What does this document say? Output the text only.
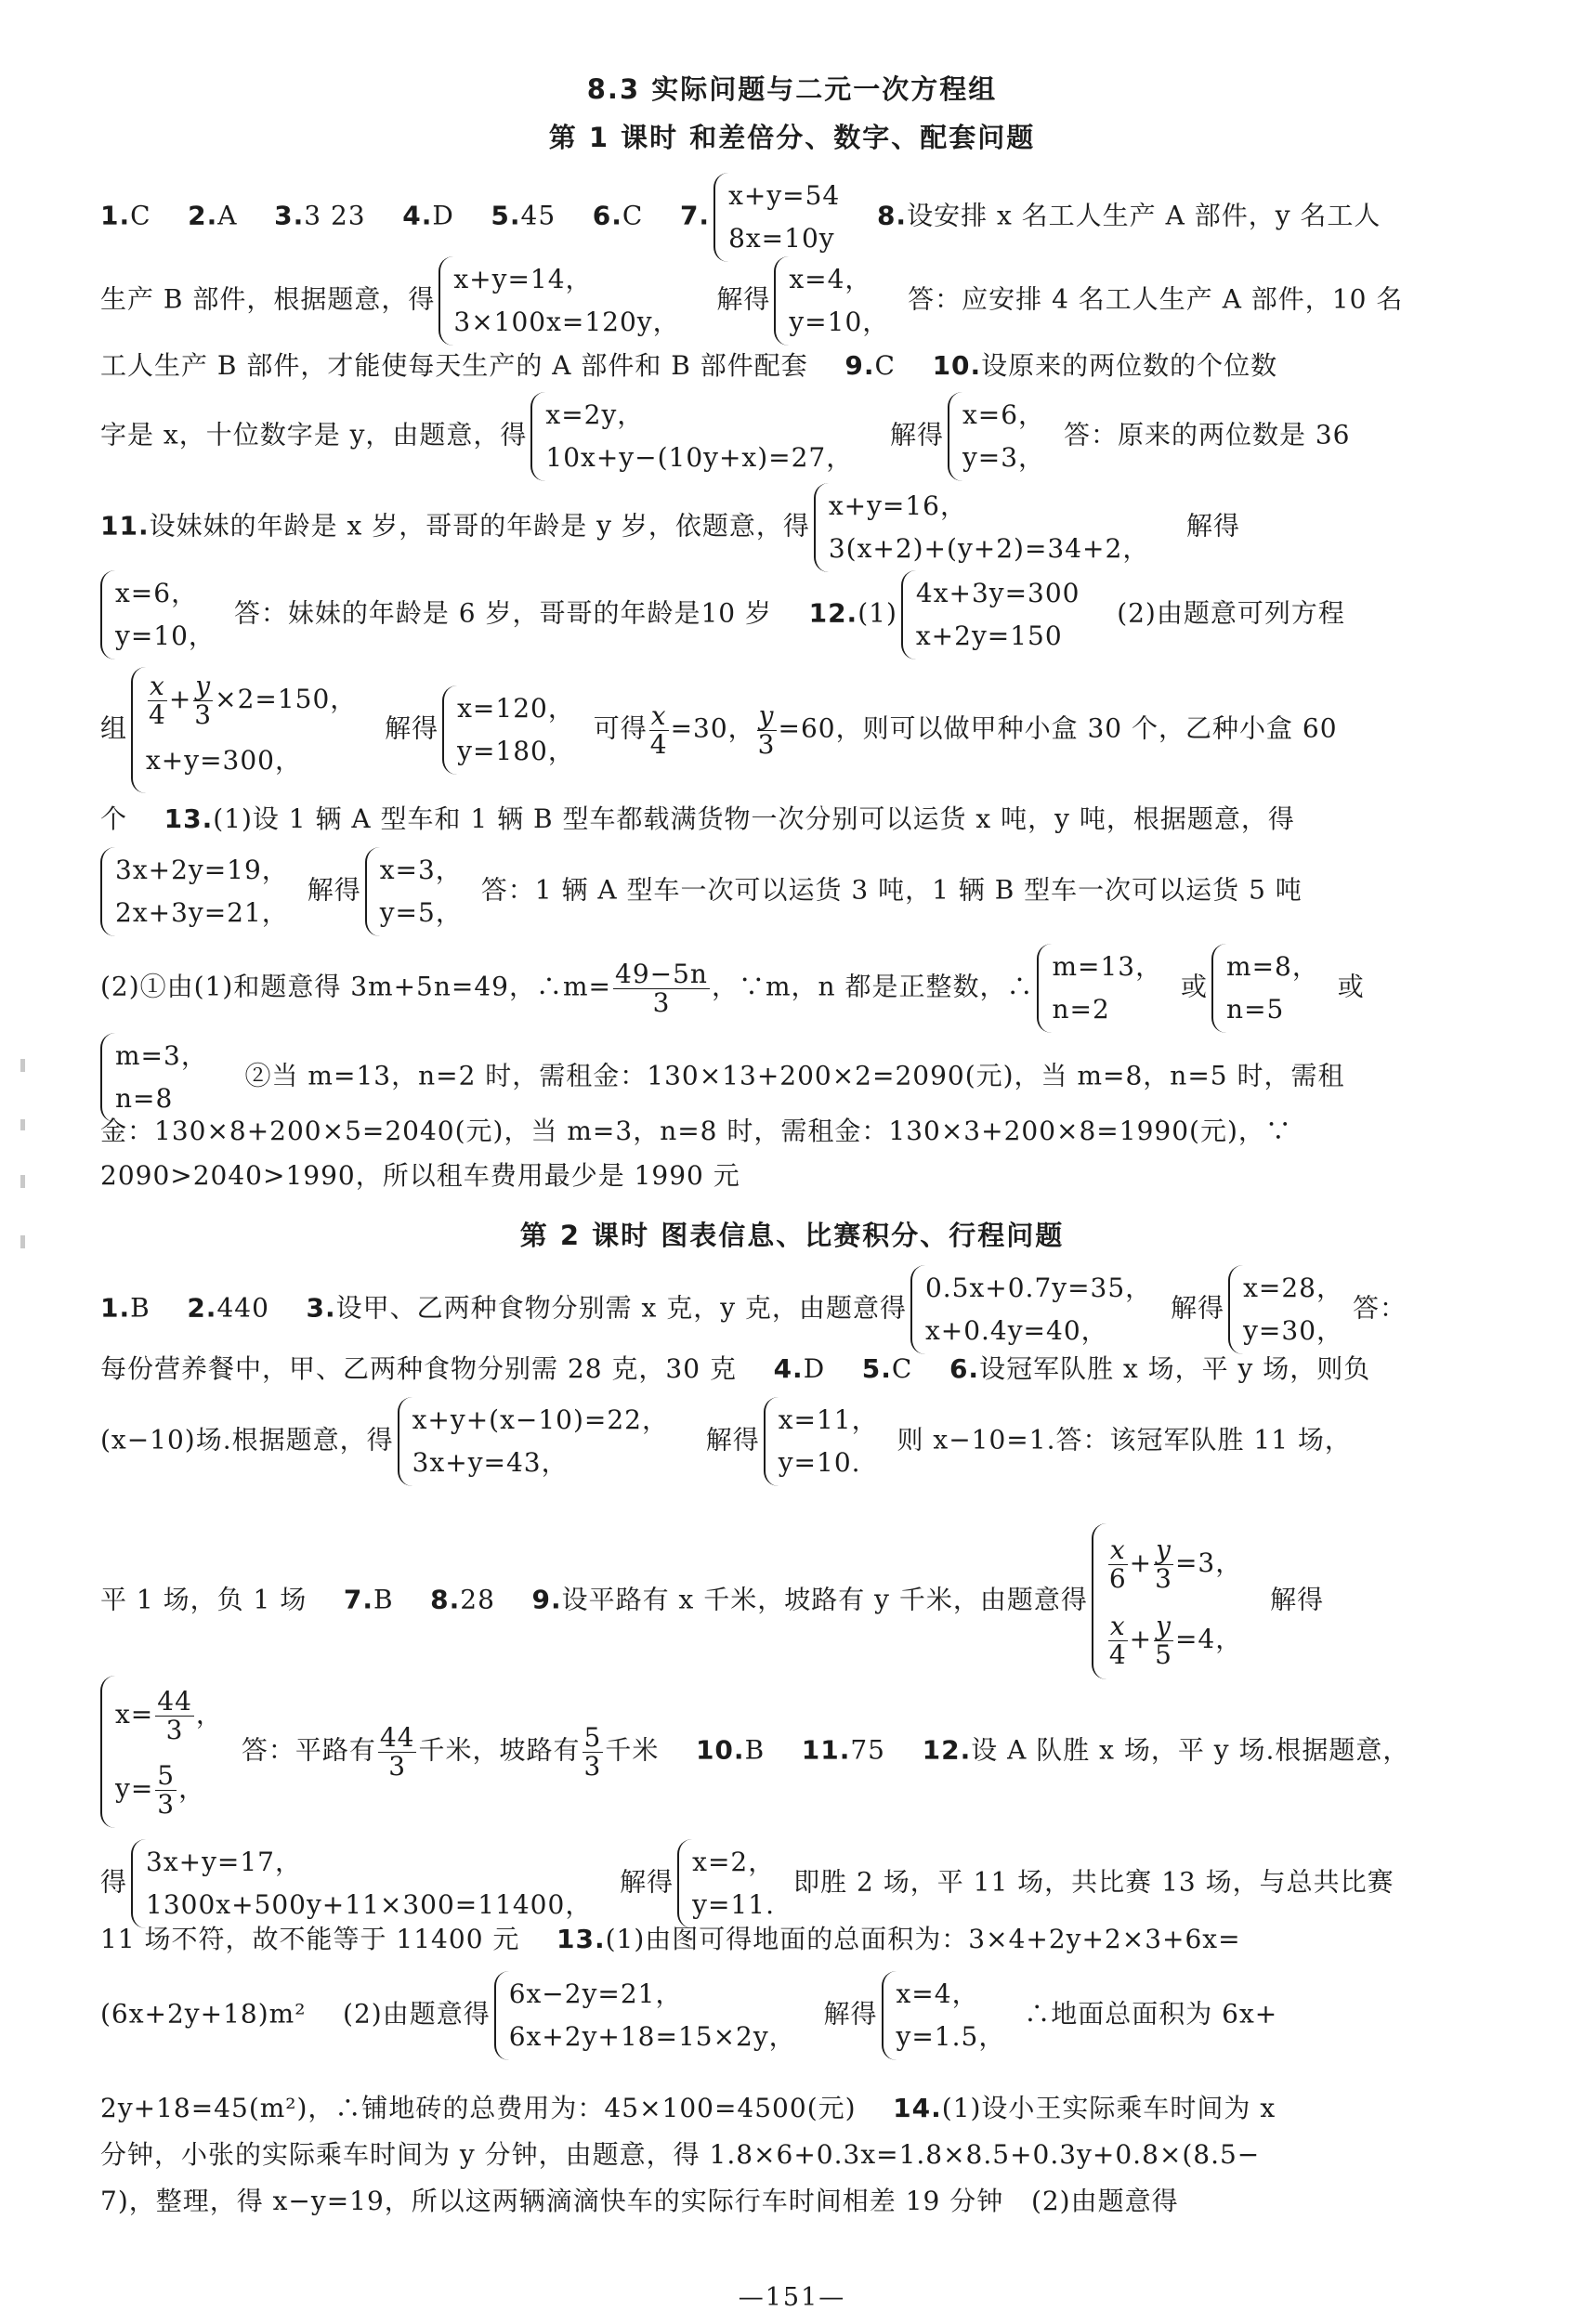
8.3 实际问题与二元一次方程组
第 1 课时 和差倍分、数字、配套问题
1.C 2.A 3.3 23 4.D 5.45 6.C 7.
x+y=54
8x=10y
8.设安排 x 名工人生产 A 部件，y 名工人
生产 B 部件，根据题意，得
x+y=14，
3×100x=120y，
解得
x=4，
y=10，
答：应安排 4 名工人生产 A 部件，10 名
工人生产 B 部件，才能使每天生产的 A 部件和 B 部件配套 9.C 10.设原来的两位数的个位数
字是 x，十位数字是 y，由题意，得
x=2y，
10x+y−(10y+x)=27，
解得
x=6，
y=3，
答：原来的两位数是 36
11.设妹妹的年龄是 x 岁，哥哥的年龄是 y 岁，依题意，得
x+y=16，
3(x+2)+(y+2)=34+2，
解得
x=6，
y=10，
答：妹妹的年龄是 6 岁，哥哥的年龄是10 岁 12.(1)
4x+3y=300
x+2y=150
(2)由题意可列方程
组 $\frac{x}{4} + \frac{y}{3} \times 2=150$，
x+y=300，
解得
x=120，
y=180，
可得 $\frac{x}{4} =30$， $\frac{y}{3} =60$，则可以做甲种小盒 30 个，乙种小盒 60
个 13.(1)设 1 辆 A 型车和 1 辆 B 型车都载满货物一次分别可以运货 x 吨，y 吨，根据题意，得
3x+2y=19，
2x+3y=21，
解得
x=3，
y=5，
答：1 辆 A 型车一次可以运货 3 吨，1 辆 B 型车一次可以运货 5 吨
(2)①由(1)和题意得 3m+5n=49，∴m= $\frac{49-5n}{3}$ ，∵m，n 都是正整数，∴
m=13，
n=2
或
m=8，
n=5
或
m=3，
n=8
②当 m=13，n=2 时，需租金：130×13+200×2=2090(元)，当 m=8，n=5 时，需租
金：130×8+200×5=2040(元)，当 m=3，n=8 时，需租金：130×3+200×8=1990(元)，∵
2090>2040>1990，所以租车费用最少是 1990 元
第 2 课时 图表信息、比赛积分、行程问题
1.B 2.440 3.设甲、乙两种食物分别需 x 克，y 克，由题意得
0.5x+0.7y=35，
x+0.4y=40，
解得
x=28，
y=30，
答：
每份营养餐中，甲、乙两种食物分别需 28 克，30 克 4.D 5.C 6.设冠军队胜 x 场，平 y 场，则负
(x−10)场.根据题意，得
x+y+(x−10)=22，
3x+y=43，
解得
x=11，
y=10.
则 x−10=1.答：该冠军队胜 11 场，
平 1 场，负 1 场 7.B 8.28 9.设平路有 x 千米，坡路有 y 千米，由题意得
$\frac{x}{6} + \frac{y}{3} =3$，
$\frac{x}{4} + \frac{y}{5} =4$，
解得
$x= \frac{44}{3}$ ，
$y= \frac{5}{3}$ ，
答：平路有 $\frac{44}{3}$ 千米，坡路有 $\frac{5}{3}$ 千米 10.B 11.75 12.设 A 队胜 x 场，平 y 场.根据题意，
得
3x+y=17，
1300x+500y+11×300=11400，
解得
x=2，
y=11.
即胜 2 场，平 11 场，共比赛 13 场，与总共比赛
11 场不符，故不能等于 11400 元 13.(1)由图可得地面的总面积为：3×4+2y+2×3+6x=
(6x+2y+18)m² (2)由题意得
6x−2y=21，
6x+2y+18=15×2y，
解得
x=4，
y=1.5，
∴地面总面积为 6x+
2y+18=45(m²)，∴铺地砖的总费用为：45×100=4500(元) 14.(1)设小王实际乘车时间为 x
分钟，小张的实际乘车时间为 y 分钟，由题意，得 1.8×6+0.3x=1.8×8.5+0.3y+0.8×(8.5−
7)，整理，得 x−y=19，所以这两辆滴滴快车的实际行车时间相差 19 分钟 (2)由题意得
—151—
